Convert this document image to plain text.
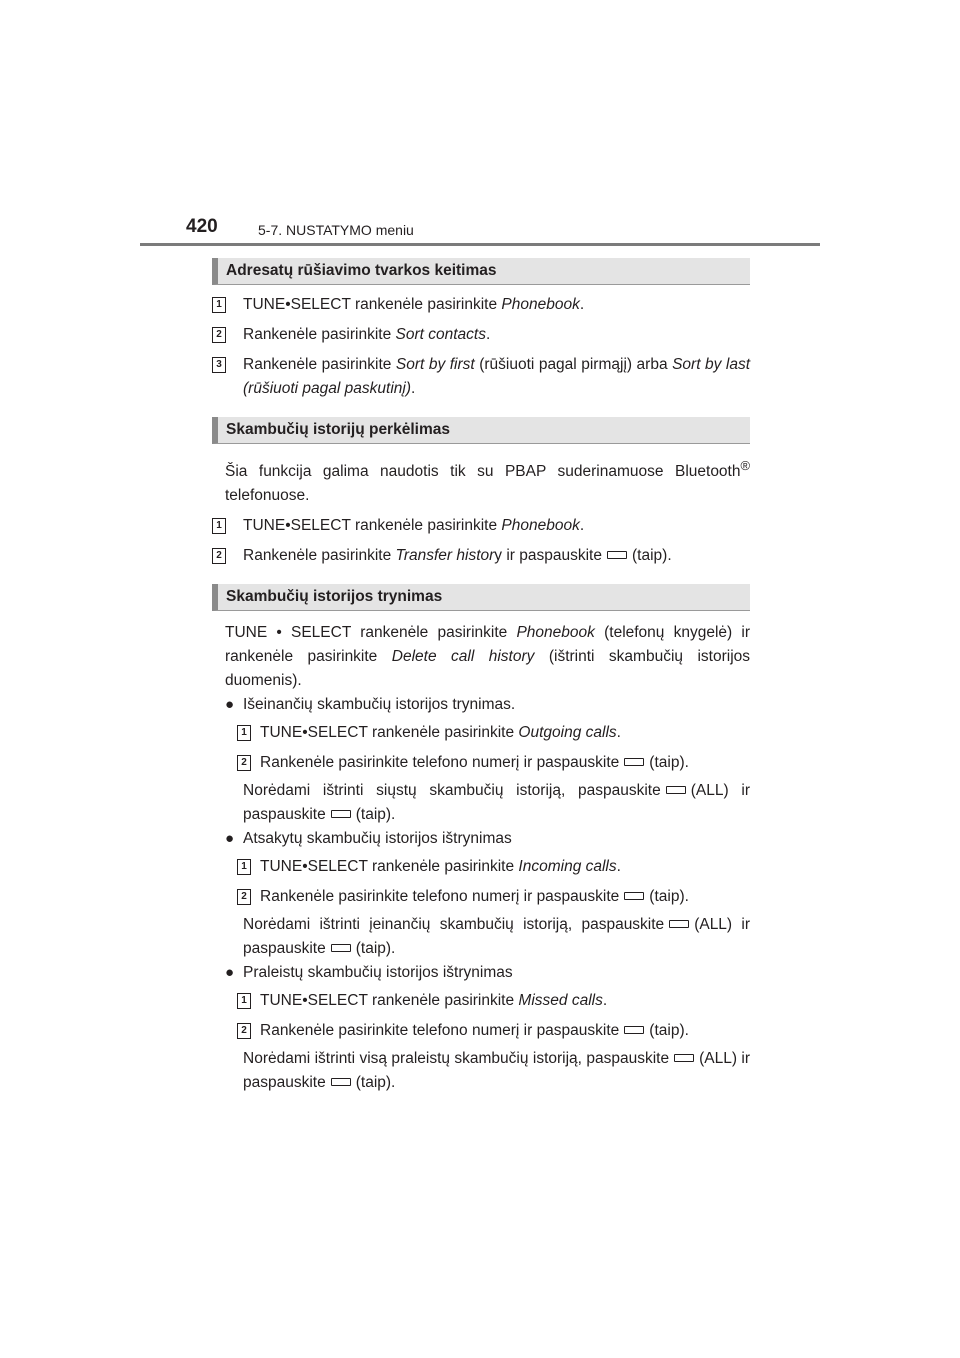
420	5-7. NUSTATYMO meniu
Adresatų rūšiavimo tvarkos keitimas
1	TUNE•SELECT rankenėle pasirinkite Phonebook.
2	Rankenėle pasirinkite Sort contacts.
3	Rankenėle pasirinkite Sort by first (rūšiuoti pagal pirmąjį) arba Sort by last (rūšiuoti pagal paskutinį).
Skambučių istorijų perkėlimas
Šia funkcija galima naudotis tik su PBAP suderinamuose Bluetooth® telefonuose.
1	TUNE•SELECT rankenėle pasirinkite Phonebook.
2	Rankenėle pasirinkite Transfer history ir paspauskite (taip).
Skambučių istorijos trynimas
TUNE • SELECT rankenėle pasirinkite Phonebook (telefonų knygelė) ir rankenėle pasirinkite Delete call history (ištrinti skambučių istorijos duomenis).
● Išeinančių skambučių istorijos trynimas.
1 TUNE•SELECT rankenėle pasirinkite Outgoing calls.
2 Rankenėle pasirinkite telefono numerį ir paspauskite (taip).
Norėdami ištrinti siųstų skambučių istoriją, paspauskite (ALL) ir paspauskite (taip).
● Atsakytų skambučių istorijos ištrynimas
1 TUNE•SELECT rankenėle pasirinkite Incoming calls.
2 Rankenėle pasirinkite telefono numerį ir paspauskite (taip).
Norėdami ištrinti įeinančių skambučių istoriją, paspauskite (ALL) ir paspauskite (taip).
● Praleistų skambučių istorijos ištrynimas
1 TUNE•SELECT rankenėle pasirinkite Missed calls.
2 Rankenėle pasirinkite telefono numerį ir paspauskite (taip).
Norėdami ištrinti visą praleistų skambučių istoriją, paspauskite (ALL) ir paspauskite (taip).
